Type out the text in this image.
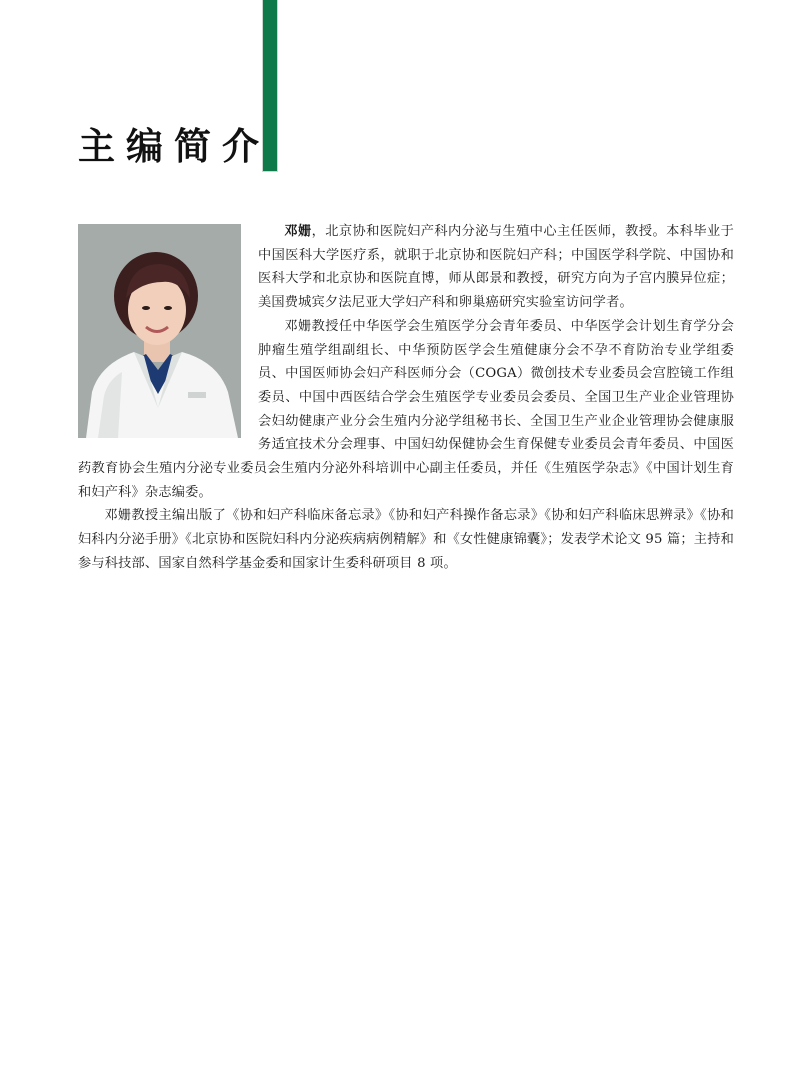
主编简介

邓姗，北京协和医院妇产科内分泌与生殖中心主任医师，教授。本科毕业于中国医科大学医疗系，就职于北京协和医院妇产科；中国医学科学院、中国协和医科大学和北京协和医院直博，师从郎景和教授，研究方向为子宫内膜异位症；美国费城宾夕法尼亚大学妇产科和卵巢癌研究实验室访问学者。

邓姗教授任中华医学会生殖医学分会青年委员、中华医学会计划生育学分会肿瘤生殖学组副组长、中华预防医学会生殖健康分会不孕不育防治专业学组委员、中国医师协会妇产科医师分会（COGA）微创技术专业委员会宫腔镜工作组委员、中国中西医结合学会生殖医学专业委员会委员、全国卫生产业企业管理协会妇幼健康产业分会生殖内分泌学组秘书长、全国卫生产业企业管理协会健康服务适宜技术分会理事、中国妇幼保健协会生育保健专业委员会青年委员、中国医药教育协会生殖内分泌专业委员会生殖内分泌外科培训中心副主任委员，并任《生殖医学杂志》《中国计划生育和妇产科》杂志编委。

邓姗教授主编出版了《协和妇产科临床备忘录》《协和妇产科操作备忘录》《协和妇产科临床思辨录》《协和妇科内分泌手册》《北京协和医院妇科内分泌疾病病例精解》和《女性健康锦囊》；发表学术论文 95 篇；主持和参与科技部、国家自然科学基金委和国家计生委科研项目 8 项。
